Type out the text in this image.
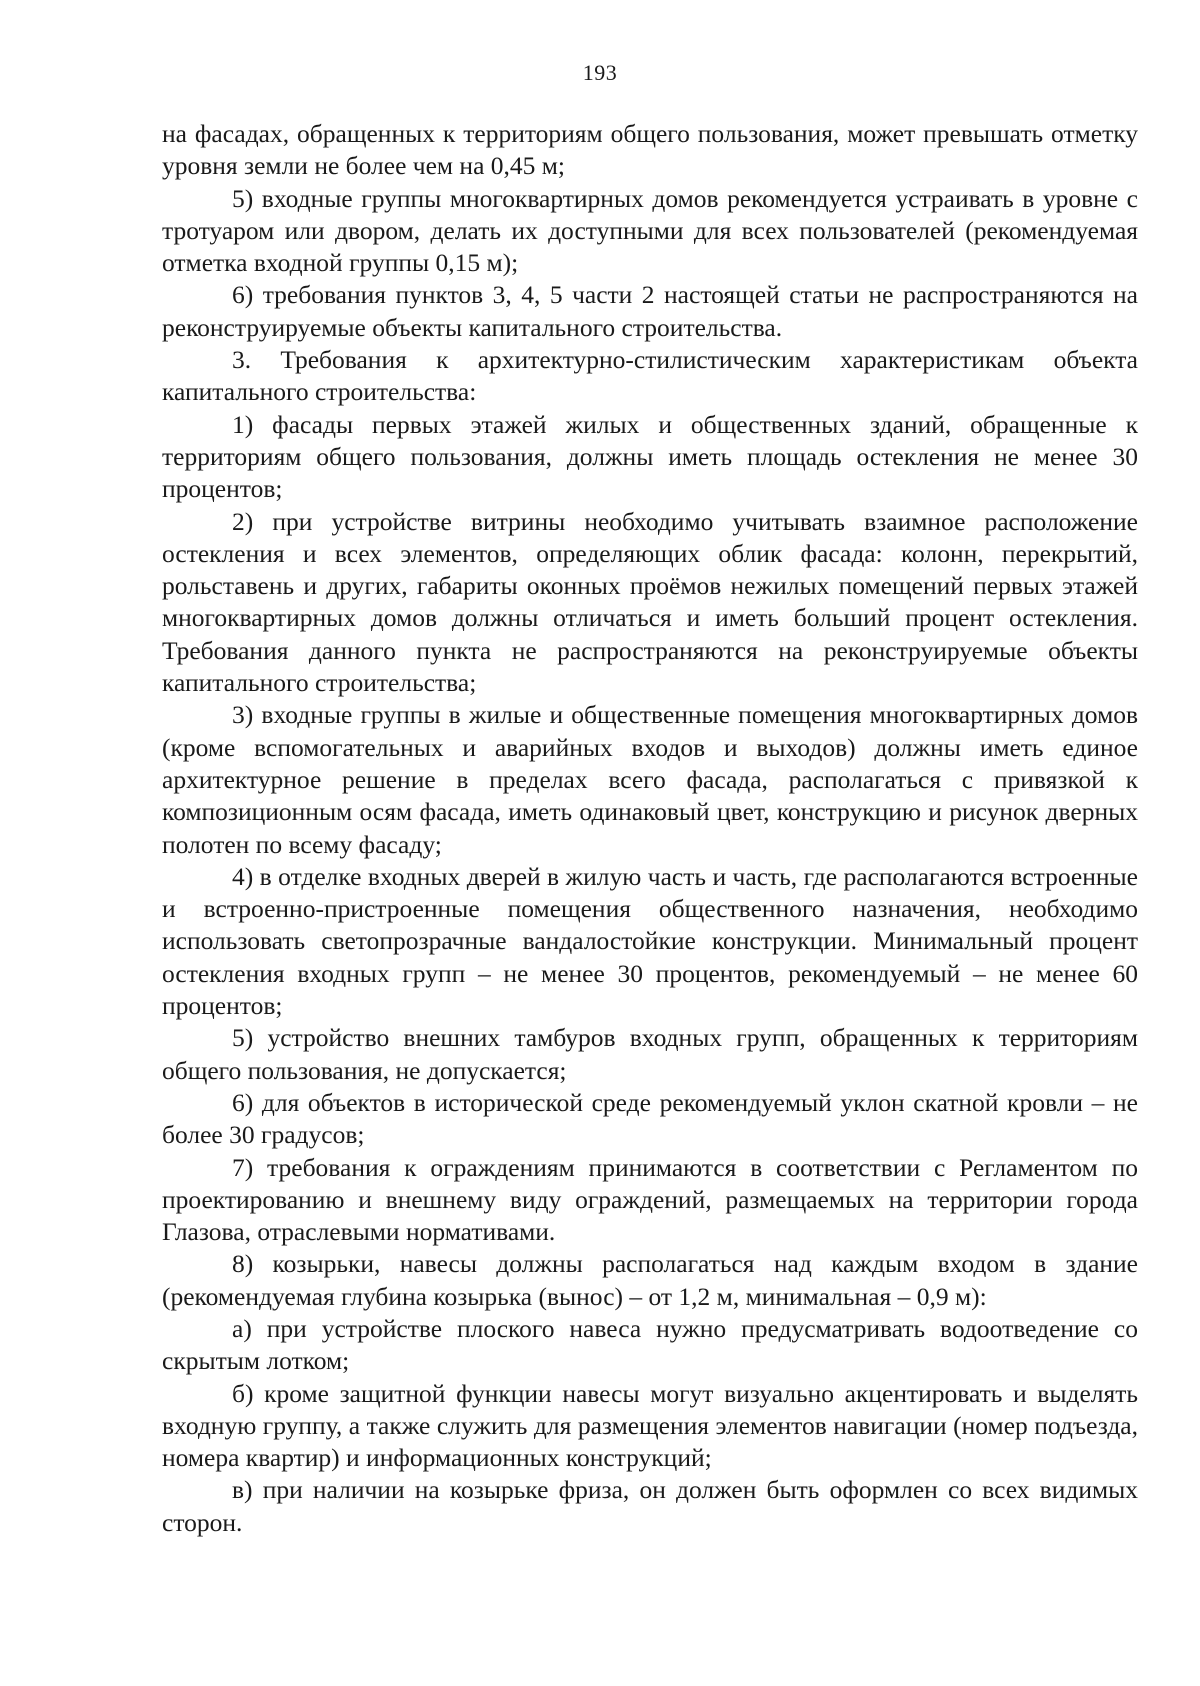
193

на фасадах, обращенных к территориям общего пользования, может превышать отметку уровня земли не более чем на 0,45 м;

5) входные группы многоквартирных домов рекомендуется устраивать в уровне с тротуаром или двором, делать их доступными для всех пользователей (рекомендуемая отметка входной группы 0,15 м);

6) требования пунктов 3, 4, 5 части 2 настоящей статьи не распространяются на реконструируемые объекты капитального строительства.

3. Требования к архитектурно-стилистическим характеристикам объекта капитального строительства:

1) фасады первых этажей жилых и общественных зданий, обращенные к территориям общего пользования, должны иметь площадь остекления не менее 30 процентов;

2) при устройстве витрины необходимо учитывать взаимное расположение остекления и всех элементов, определяющих облик фасада: колонн, перекрытий, рольставень и других, габариты оконных проёмов нежилых помещений первых этажей многоквартирных домов должны отличаться и иметь больший процент остекления. Требования данного пункта не распространяются на реконструируемые объекты капитального строительства;

3) входные группы в жилые и общественные помещения многоквартирных домов (кроме вспомогательных и аварийных входов и выходов) должны иметь единое архитектурное решение в пределах всего фасада, располагаться с привязкой к композиционным осям фасада, иметь одинаковый цвет, конструкцию и рисунок дверных полотен по всему фасаду;

4) в отделке входных дверей в жилую часть и часть, где располагаются встроенные и встроенно-пристроенные помещения общественного назначения, необходимо использовать светопрозрачные вандалостойкие конструкции. Минимальный процент остекления входных групп – не менее 30 процентов, рекомендуемый – не менее 60 процентов;

5) устройство внешних тамбуров входных групп, обращенных к территориям общего пользования, не допускается;

6) для объектов в исторической среде рекомендуемый уклон скатной кровли – не более 30 градусов;

7) требования к ограждениям принимаются в соответствии с Регламентом по проектированию и внешнему виду ограждений, размещаемых на территории города Глазова, отраслевыми нормативами.

8) козырьки, навесы должны располагаться над каждым входом в здание (рекомендуемая глубина козырька (вынос) – от 1,2 м, минимальная – 0,9 м):

а) при устройстве плоского навеса нужно предусматривать водоотведение со скрытым лотком;

б) кроме защитной функции навесы могут визуально акцентировать и выделять входную группу, а также служить для размещения элементов навигации (номер подъезда, номера квартир) и информационных конструкций;

в) при наличии на козырьке фриза, он должен быть оформлен со всех видимых сторон.
